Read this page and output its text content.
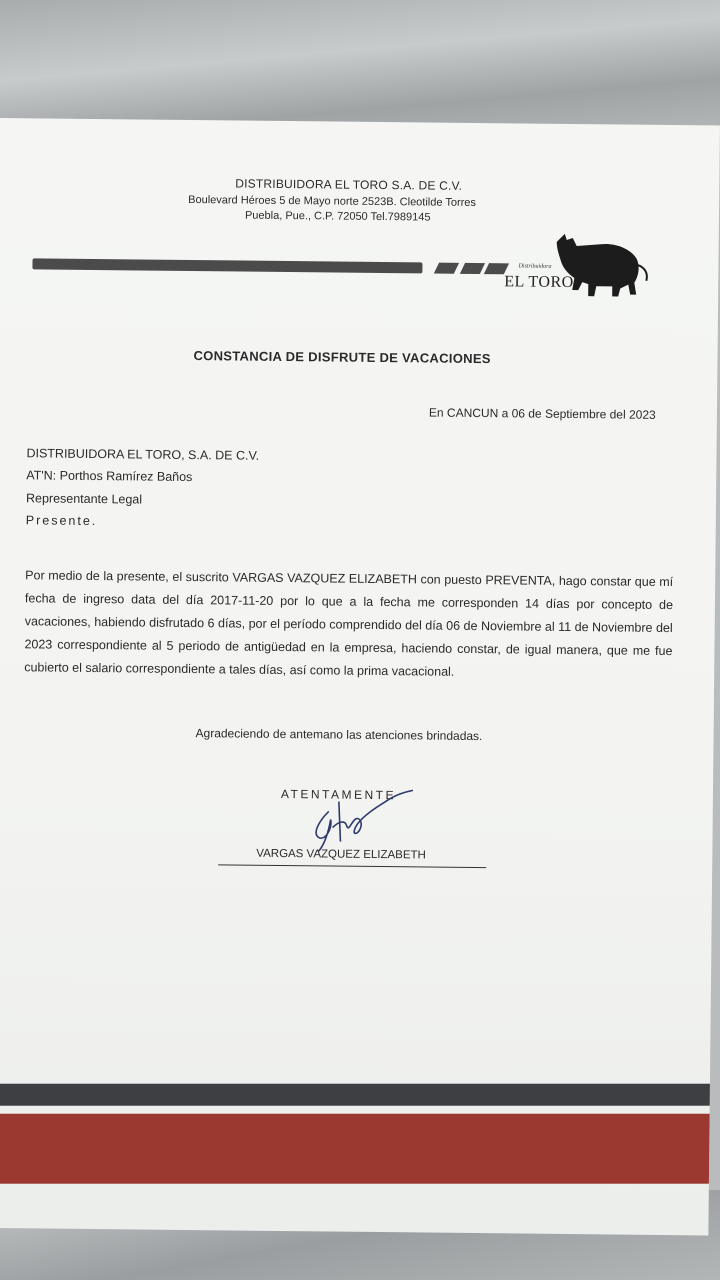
DISTRIBUIDORA EL TORO S.A. DE C.V.
Boulevard Héroes 5 de Mayo norte 2523B. Cleotilde Torres
Puebla, Pue., C.P. 72050 Tel.7989145
Distribuidora
EL TORO
CONSTANCIA DE DISFRUTE DE VACACIONES
En CANCUN a 06 de Septiembre del 2023
DISTRIBUIDORA EL TORO, S.A. DE C.V.
AT'N: Porthos Ramírez Baños
Representante Legal
Presente.
Por medio de la presente, el suscrito VARGAS VAZQUEZ ELIZABETH con puesto PREVENTA, hago constar que mí fecha de ingreso data del día 2017-11-20 por lo que a la fecha me corresponden 14 días por concepto de vacaciones, habiendo disfrutado 6 días, por el período comprendido del día 06 de Noviembre al 11 de Noviembre del 2023 correspondiente al 5 periodo de antigüedad en la empresa, haciendo constar, de igual manera, que me fue cubierto el salario correspondiente a tales días, así como la prima vacacional.
Agradeciendo de antemano las atenciones brindadas.
ATENTAMENTE
VARGAS VAZQUEZ ELIZABETH
